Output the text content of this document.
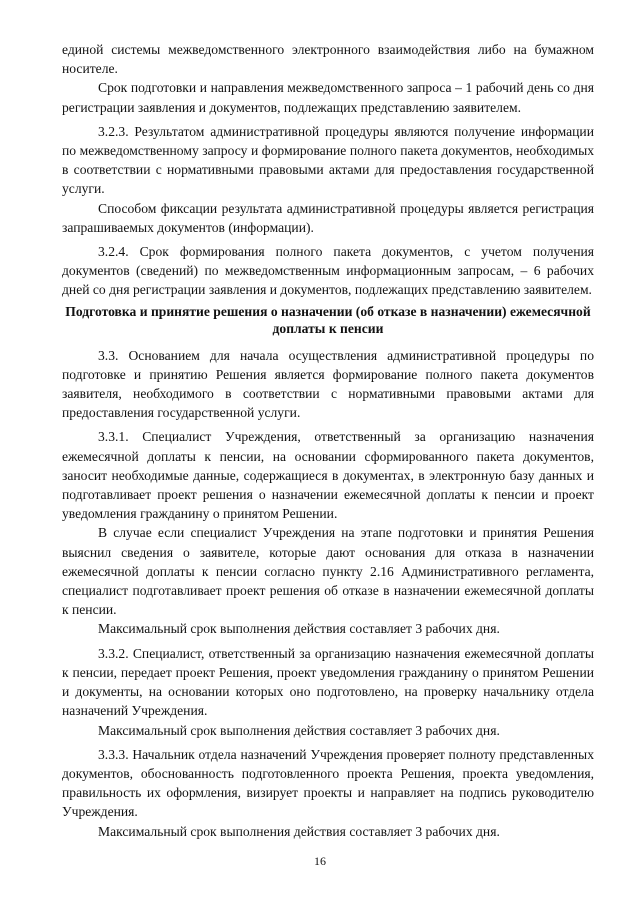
единой системы межведомственного электронного взаимодействия либо на бумажном носителе.

Срок подготовки и направления межведомственного запроса – 1 рабочий день со дня регистрации заявления и документов, подлежащих представлению заявителем.

3.2.3. Результатом административной процедуры являются получение информации по межведомственному запросу и формирование полного пакета документов, необходимых в соответствии с нормативными правовыми актами для предоставления государственной услуги.

Способом фиксации результата административной процедуры является регистрация запрашиваемых документов (информации).

3.2.4. Срок формирования полного пакета документов, с учетом получения документов (сведений) по межведомственным информационным запросам, – 6 рабочих дней со дня регистрации заявления и документов, подлежащих представлению заявителем.

Подготовка и принятие решения о назначении (об отказе в назначении) ежемесячной доплаты к пенсии

3.3. Основанием для начала осуществления административной процедуры по подготовке и принятию Решения является формирование полного пакета документов заявителя, необходимого в соответствии с нормативными правовыми актами для предоставления государственной услуги.

3.3.1. Специалист Учреждения, ответственный за организацию назначения ежемесячной доплаты к пенсии, на основании сформированного пакета документов, заносит необходимые данные, содержащиеся в документах, в электронную базу данных и подготавливает проект решения о назначении ежемесячной доплаты к пенсии и проект уведомления гражданину о принятом Решении.

В случае если специалист Учреждения на этапе подготовки и принятия Решения выяснил сведения о заявителе, которые дают основания для отказа в назначении ежемесячной доплаты к пенсии согласно пункту 2.16 Административного регламента, специалист подготавливает проект решения об отказе в назначении ежемесячной доплаты к пенсии.

Максимальный срок выполнения действия составляет 3 рабочих дня.

3.3.2. Специалист, ответственный за организацию назначения ежемесячной доплаты к пенсии, передает проект Решения, проект уведомления гражданину о принятом Решении и документы, на основании которых оно подготовлено, на проверку начальнику отдела назначений Учреждения.

Максимальный срок выполнения действия составляет 3 рабочих дня.

3.3.3. Начальник отдела назначений Учреждения проверяет полноту представленных документов, обоснованность подготовленного проекта Решения, проекта уведомления, правильность их оформления, визирует проекты и направляет на подпись руководителю Учреждения.

Максимальный срок выполнения действия составляет 3 рабочих дня.

16
